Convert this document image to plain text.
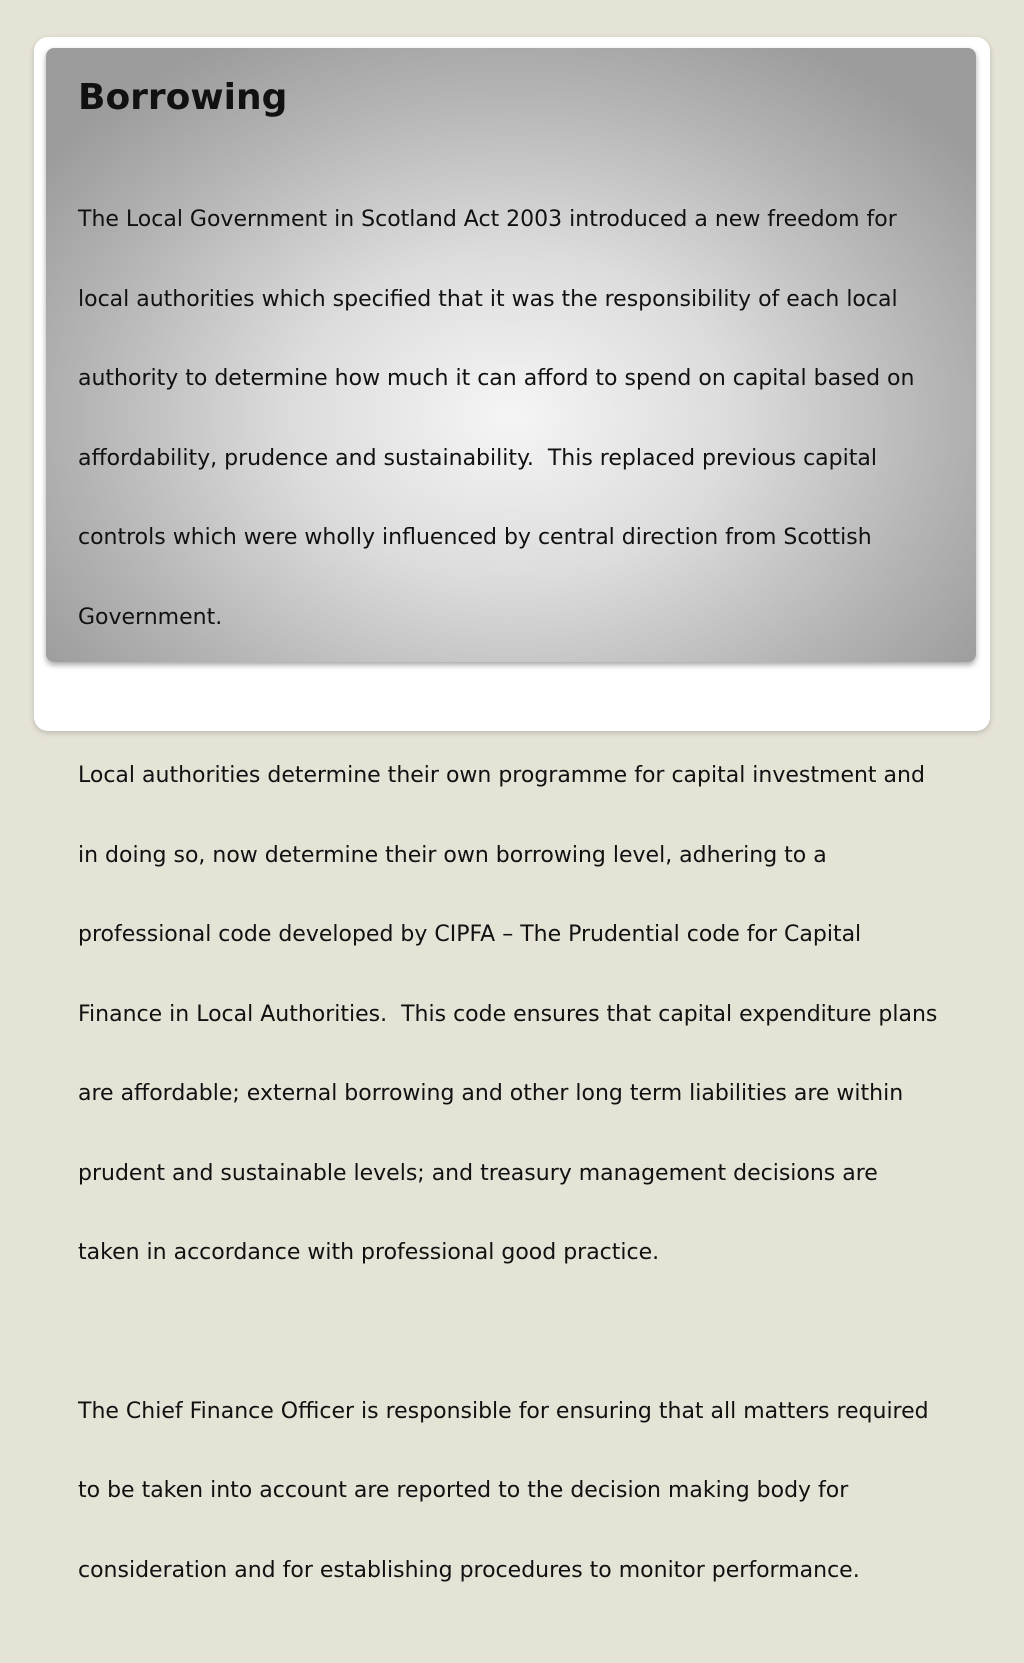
Borrowing

The Local Government in Scotland Act 2003 introduced a new freedom for

local authorities which specified that it was the responsibility of each local

authority to determine how much it can afford to spend on capital based on

affordability, prudence and sustainability.  This replaced previous capital

controls which were wholly influenced by central direction from Scottish

Government.

Local authorities determine their own programme for capital investment and

in doing so, now determine their own borrowing level, adhering to a

professional code developed by CIPFA – The Prudential code for Capital

Finance in Local Authorities.  This code ensures that capital expenditure plans

are affordable; external borrowing and other long term liabilities are within

prudent and sustainable levels; and treasury management decisions are

taken in accordance with professional good practice.

The Chief Finance Officer is responsible for ensuring that all matters required

to be taken into account are reported to the decision making body for

consideration and for establishing procedures to monitor performance.
